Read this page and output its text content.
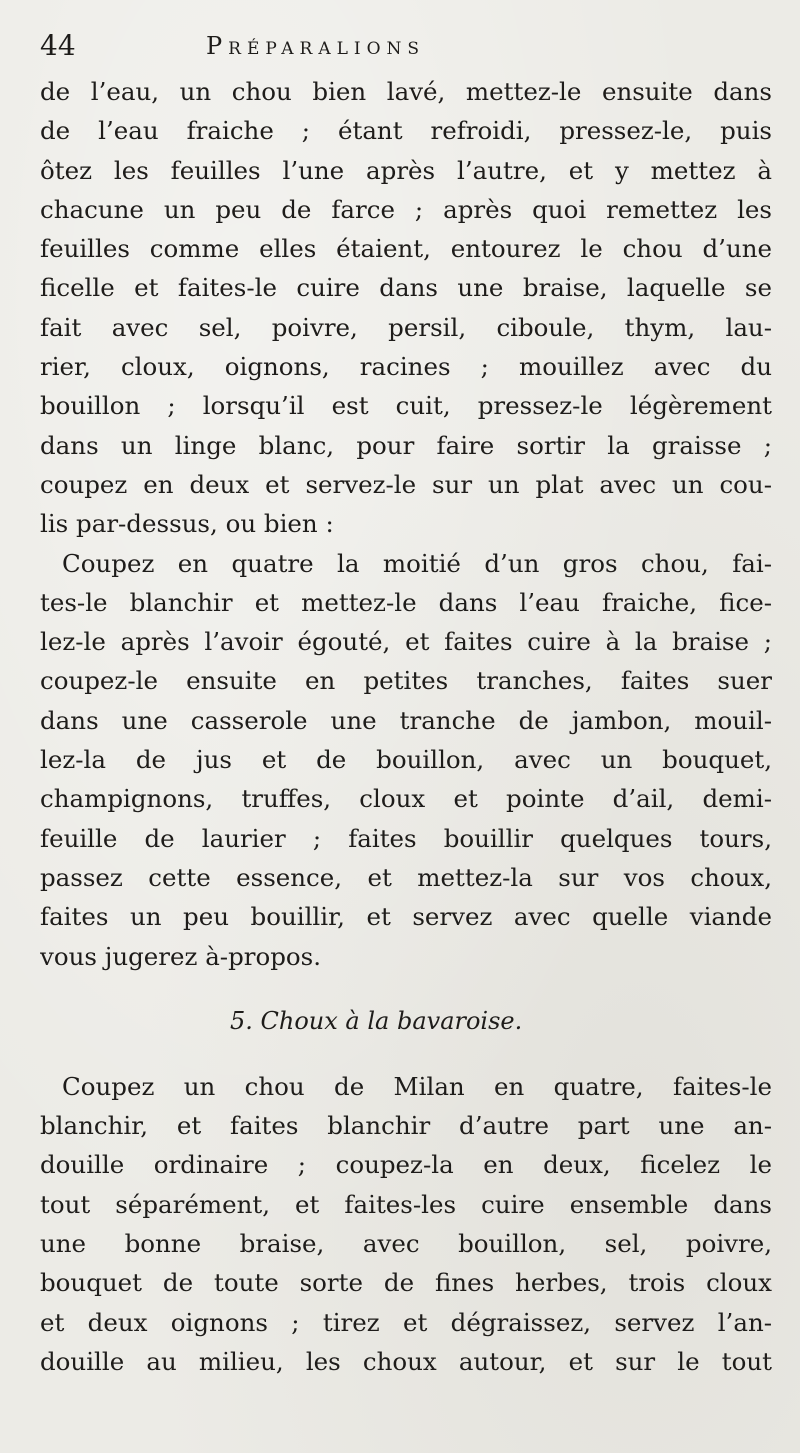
44	Préparalions
de l’eau, un chou bien lavé, mettez-le ensuite dans
de l’eau fraiche ; étant refroidi, pressez-le, puis
ôtez les feuilles l’une après l’autre, et y mettez à
chacune un peu de farce ; après quoi remettez les
feuilles comme elles étaient, entourez le chou d’une
ficelle et faites-le cuire dans une braise, laquelle se
fait avec sel, poivre, persil, ciboule, thym, lau-
rier, cloux, oignons, racines ; mouillez avec du
bouillon ; lorsqu’il est cuit, pressez-le légèrement
dans un linge blanc, pour faire sortir la graisse ;
coupez en deux et servez-le sur un plat avec un cou-
lis par-dessus, ou bien :
Coupez en quatre la moitié d’un gros chou, fai-
tes-le blanchir et mettez-le dans l’eau fraiche, fice-
lez-le après l’avoir égouté, et faites cuire à la braise ;
coupez-le ensuite en petites tranches, faites suer
dans une casserole une tranche de jambon, mouil-
lez-la de jus et de bouillon, avec un bouquet,
champignons, truffes, cloux et pointe d’ail, demi-
feuille de laurier ; faites bouillir quelques tours,
passez cette essence, et mettez-la sur vos choux,
faites un peu bouillir, et servez avec quelle viande
vous jugerez à-propos.
5. Choux à la bavaroise.
Coupez un chou de Milan en quatre, faites-le
blanchir, et faites blanchir d’autre part une an-
douille ordinaire ; coupez-la en deux, ficelez le
tout séparément, et faites-les cuire ensemble dans
une bonne braise, avec bouillon, sel, poivre,
bouquet de toute sorte de fines herbes, trois cloux
et deux oignons ; tirez et dégraissez, servez l’an-
douille au milieu, les choux autour, et sur le tout
